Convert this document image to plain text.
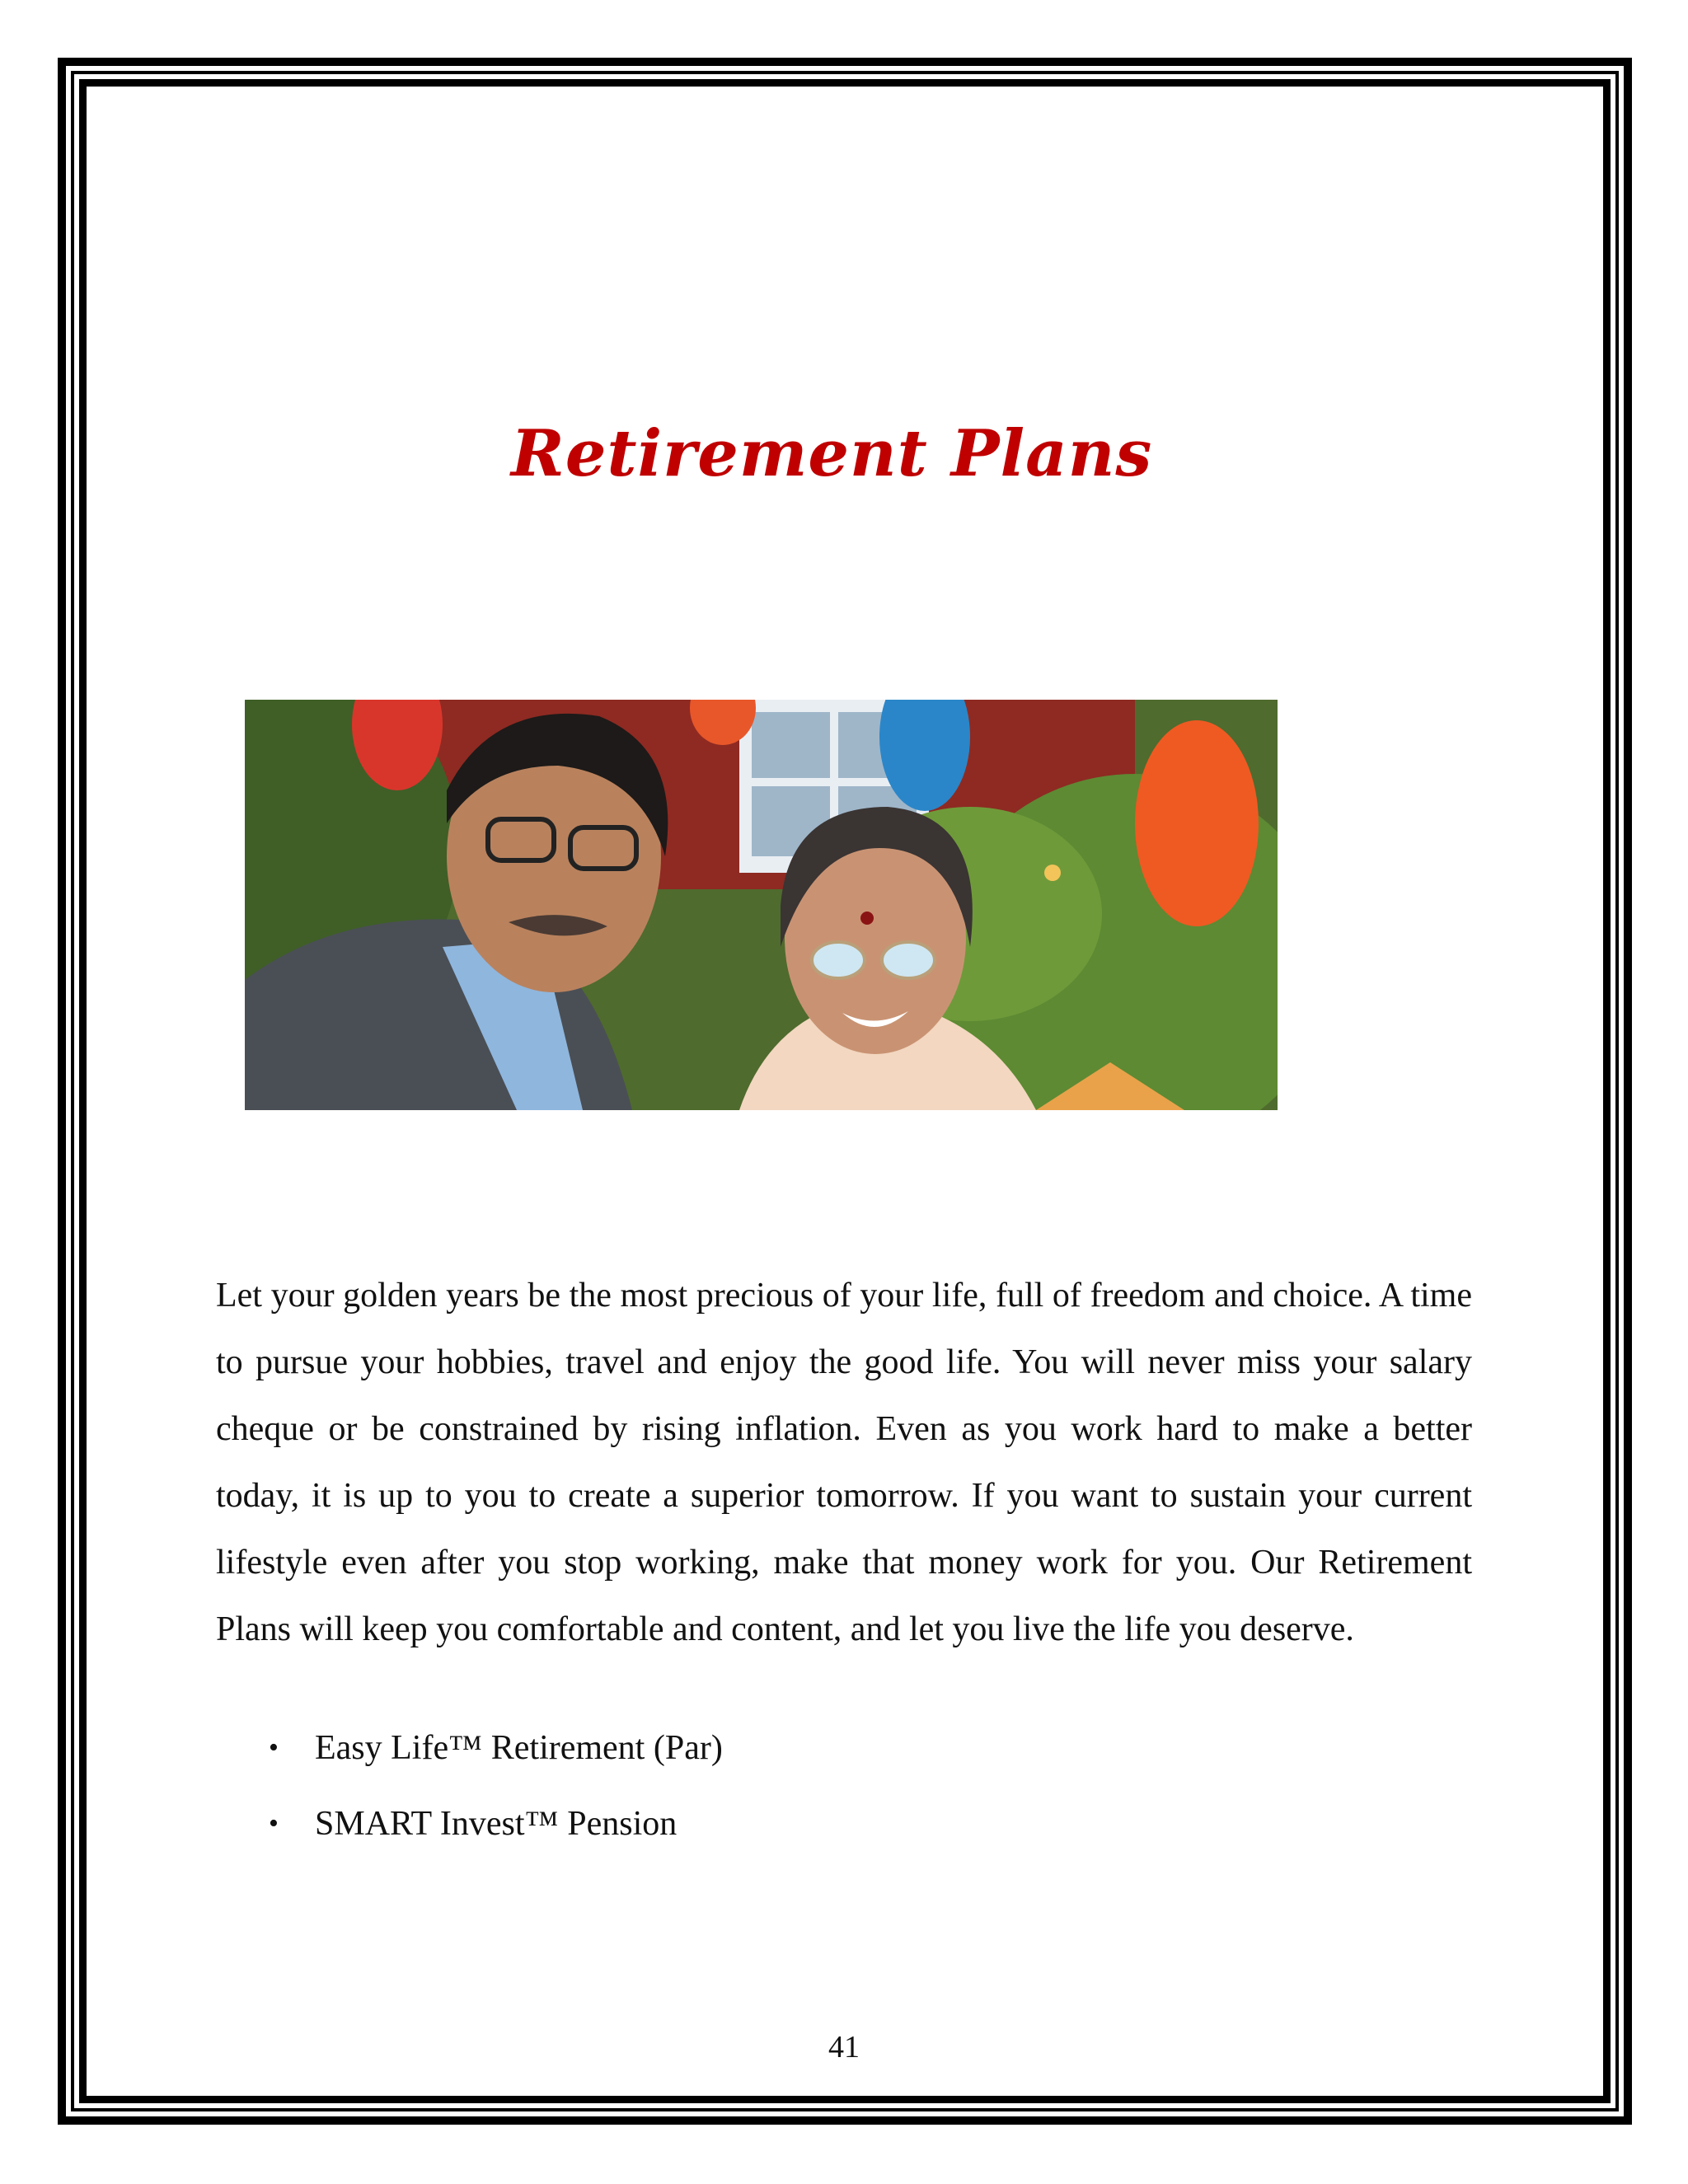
Retirement Plans

Let your golden years be the most precious of your life, full of freedom and choice. A time to pursue your hobbies, travel and enjoy the good life. You will never miss your salary cheque or be constrained by rising inflation. Even as you work hard to make a better today, it is up to you to create a superior tomorrow. If you want to sustain your current lifestyle even after you stop working, make that money work for you. Our Retirement Plans will keep you comfortable and content, and let you live the life you deserve.

• Easy Life™ Retirement (Par)
• SMART Invest™ Pension
41
